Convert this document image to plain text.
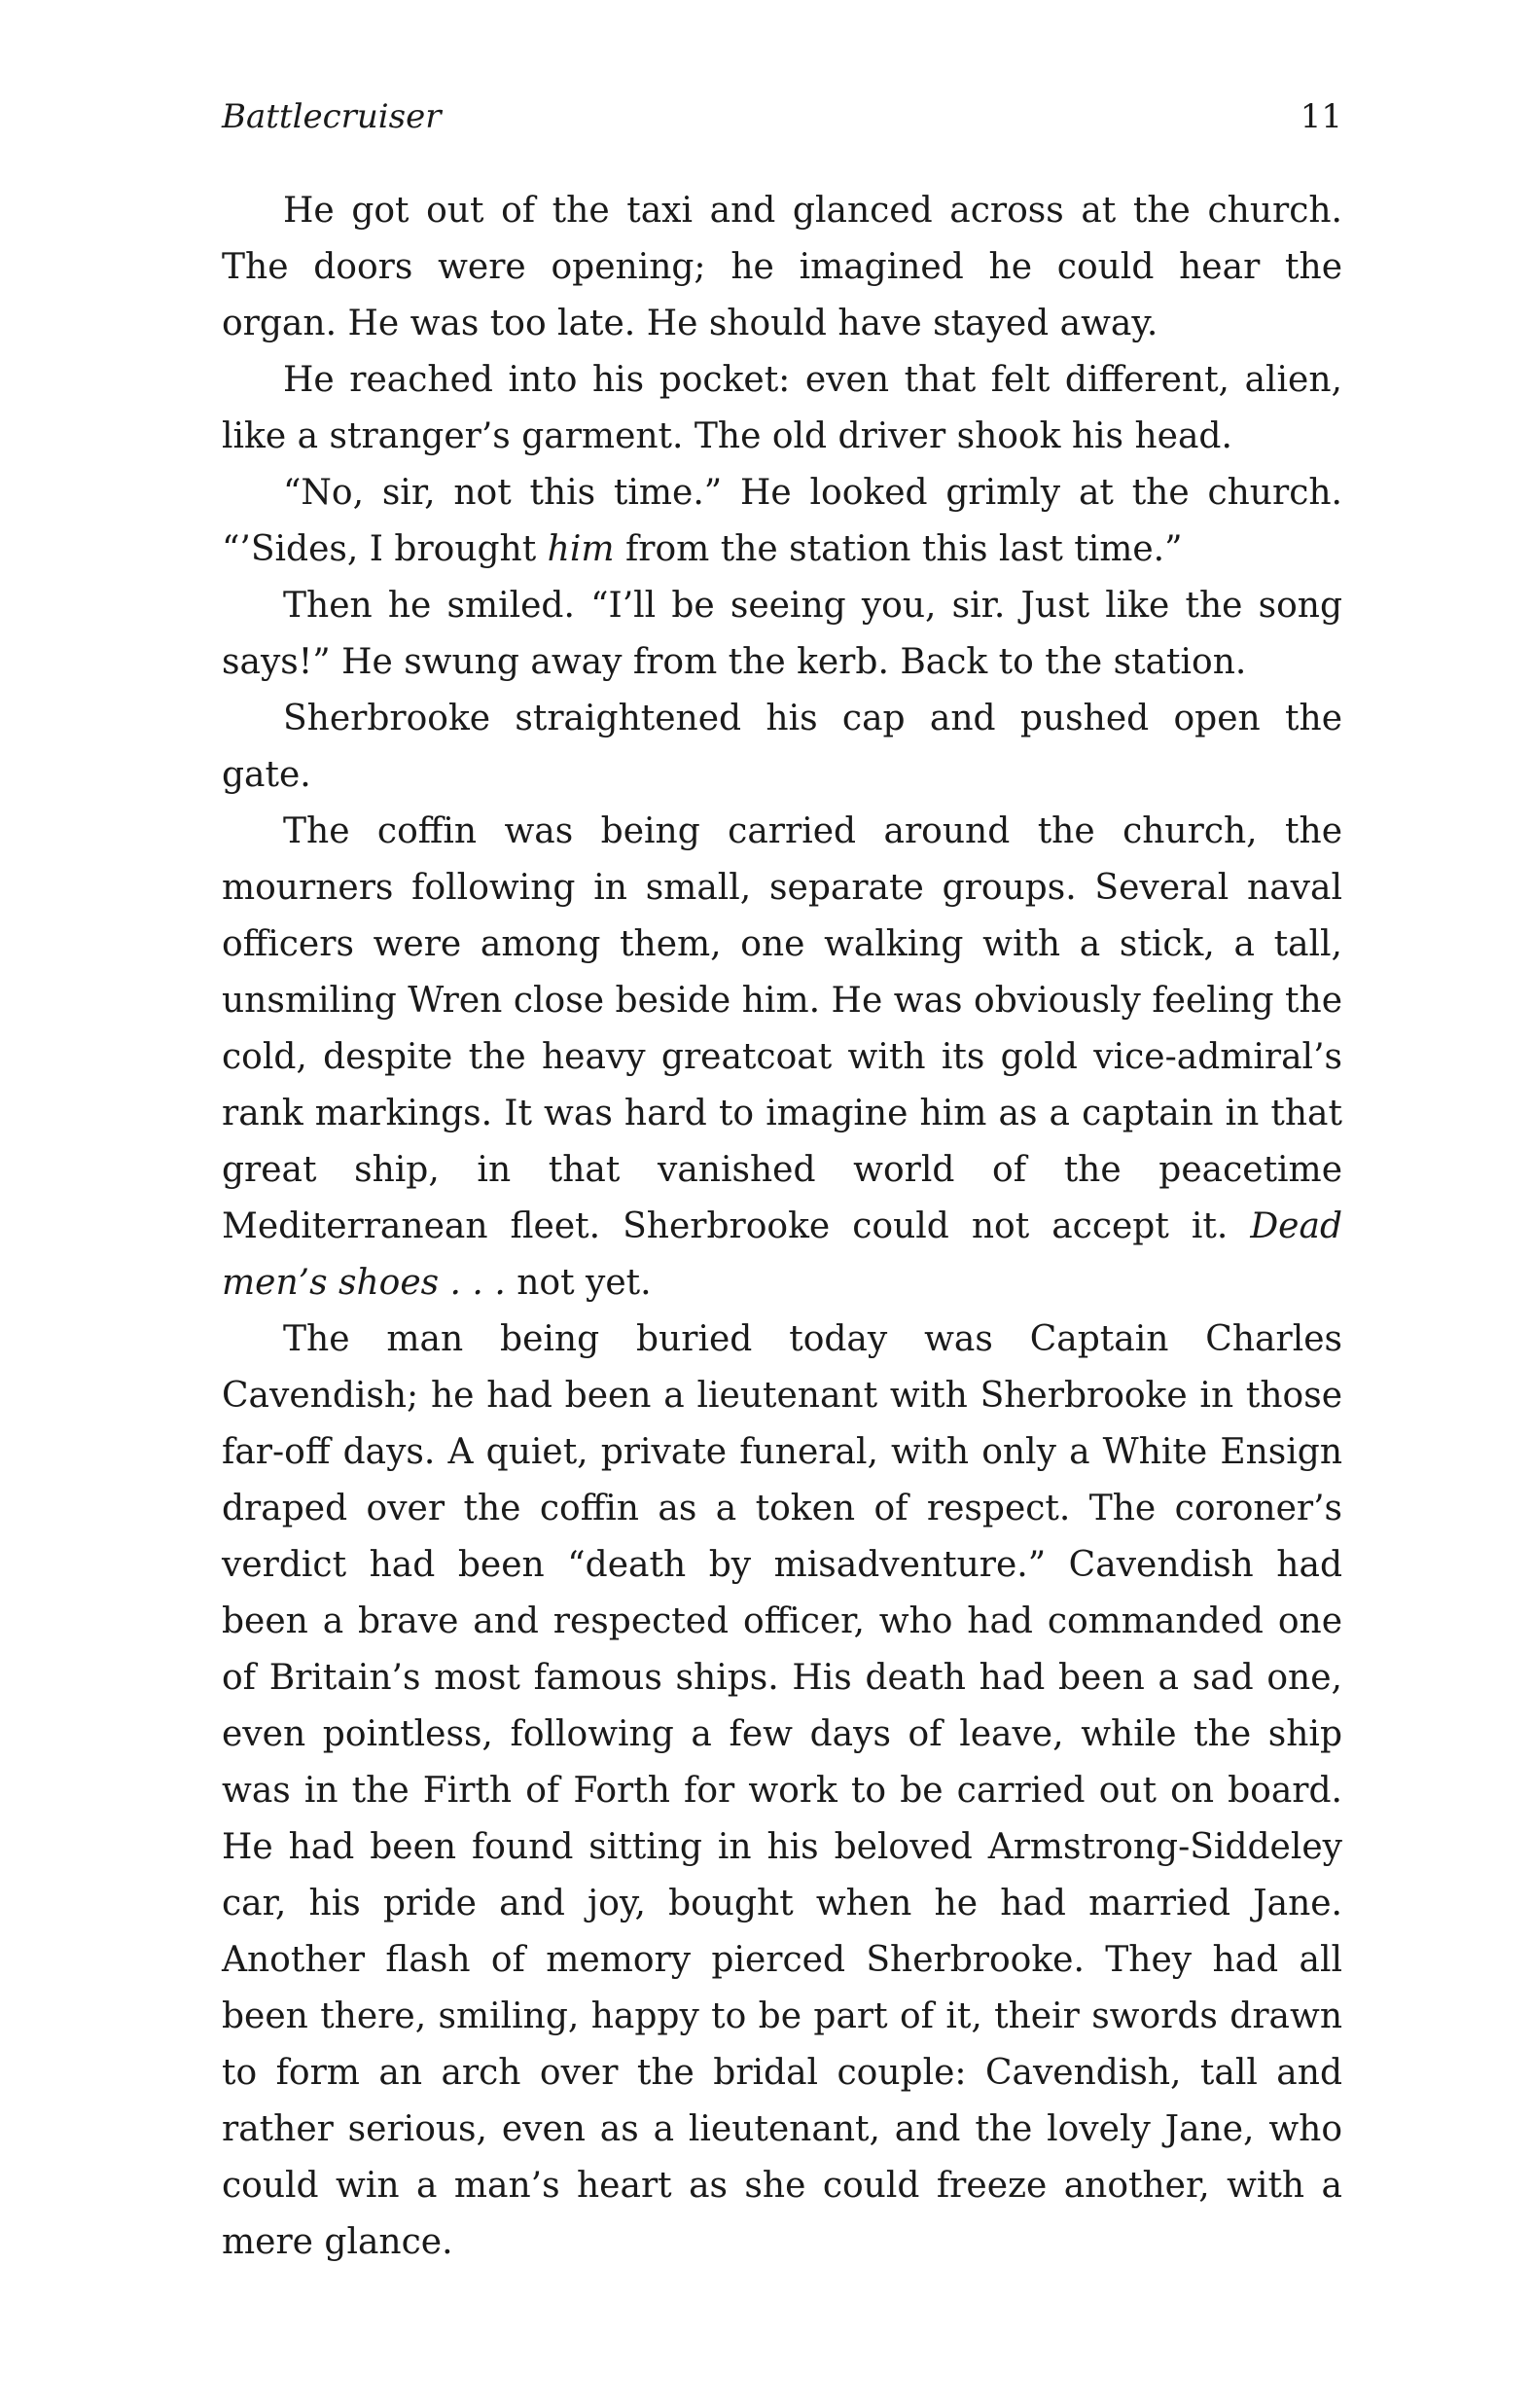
Battlecruiser	11

He got out of the taxi and glanced across at the church. The doors were opening; he imagined he could hear the organ. He was too late. He should have stayed away.

He reached into his pocket: even that felt different, alien, like a stranger’s garment. The old driver shook his head.

“No, sir, not this time.” He looked grimly at the church. “’Sides, I brought him from the station this last time.”

Then he smiled. “I’ll be seeing you, sir. Just like the song says!” He swung away from the kerb. Back to the station.

Sherbrooke straightened his cap and pushed open the gate.

The coffin was being carried around the church, the mourners following in small, separate groups. Several naval officers were among them, one walking with a stick, a tall, unsmiling Wren close beside him. He was obviously feeling the cold, despite the heavy greatcoat with its gold vice-admiral’s rank markings. It was hard to imagine him as a captain in that great ship, in that vanished world of the peacetime Mediterranean fleet. Sherbrooke could not accept it. Dead men’s shoes . . . not yet.

The man being buried today was Captain Charles Cavendish; he had been a lieutenant with Sherbrooke in those far-off days. A quiet, private funeral, with only a White Ensign draped over the coffin as a token of respect. The coroner’s verdict had been “death by misadventure.” Cavendish had been a brave and respected officer, who had commanded one of Britain’s most famous ships. His death had been a sad one, even pointless, following a few days of leave, while the ship was in the Firth of Forth for work to be carried out on board. He had been found sitting in his beloved Armstrong-Siddeley car, his pride and joy, bought when he had married Jane. Another flash of memory pierced Sherbrooke. They had all been there, smiling, happy to be part of it, their swords drawn to form an arch over the bridal couple: Cavendish, tall and rather serious, even as a lieutenant, and the lovely Jane, who could win a man’s heart as she could freeze another, with a mere glance.
